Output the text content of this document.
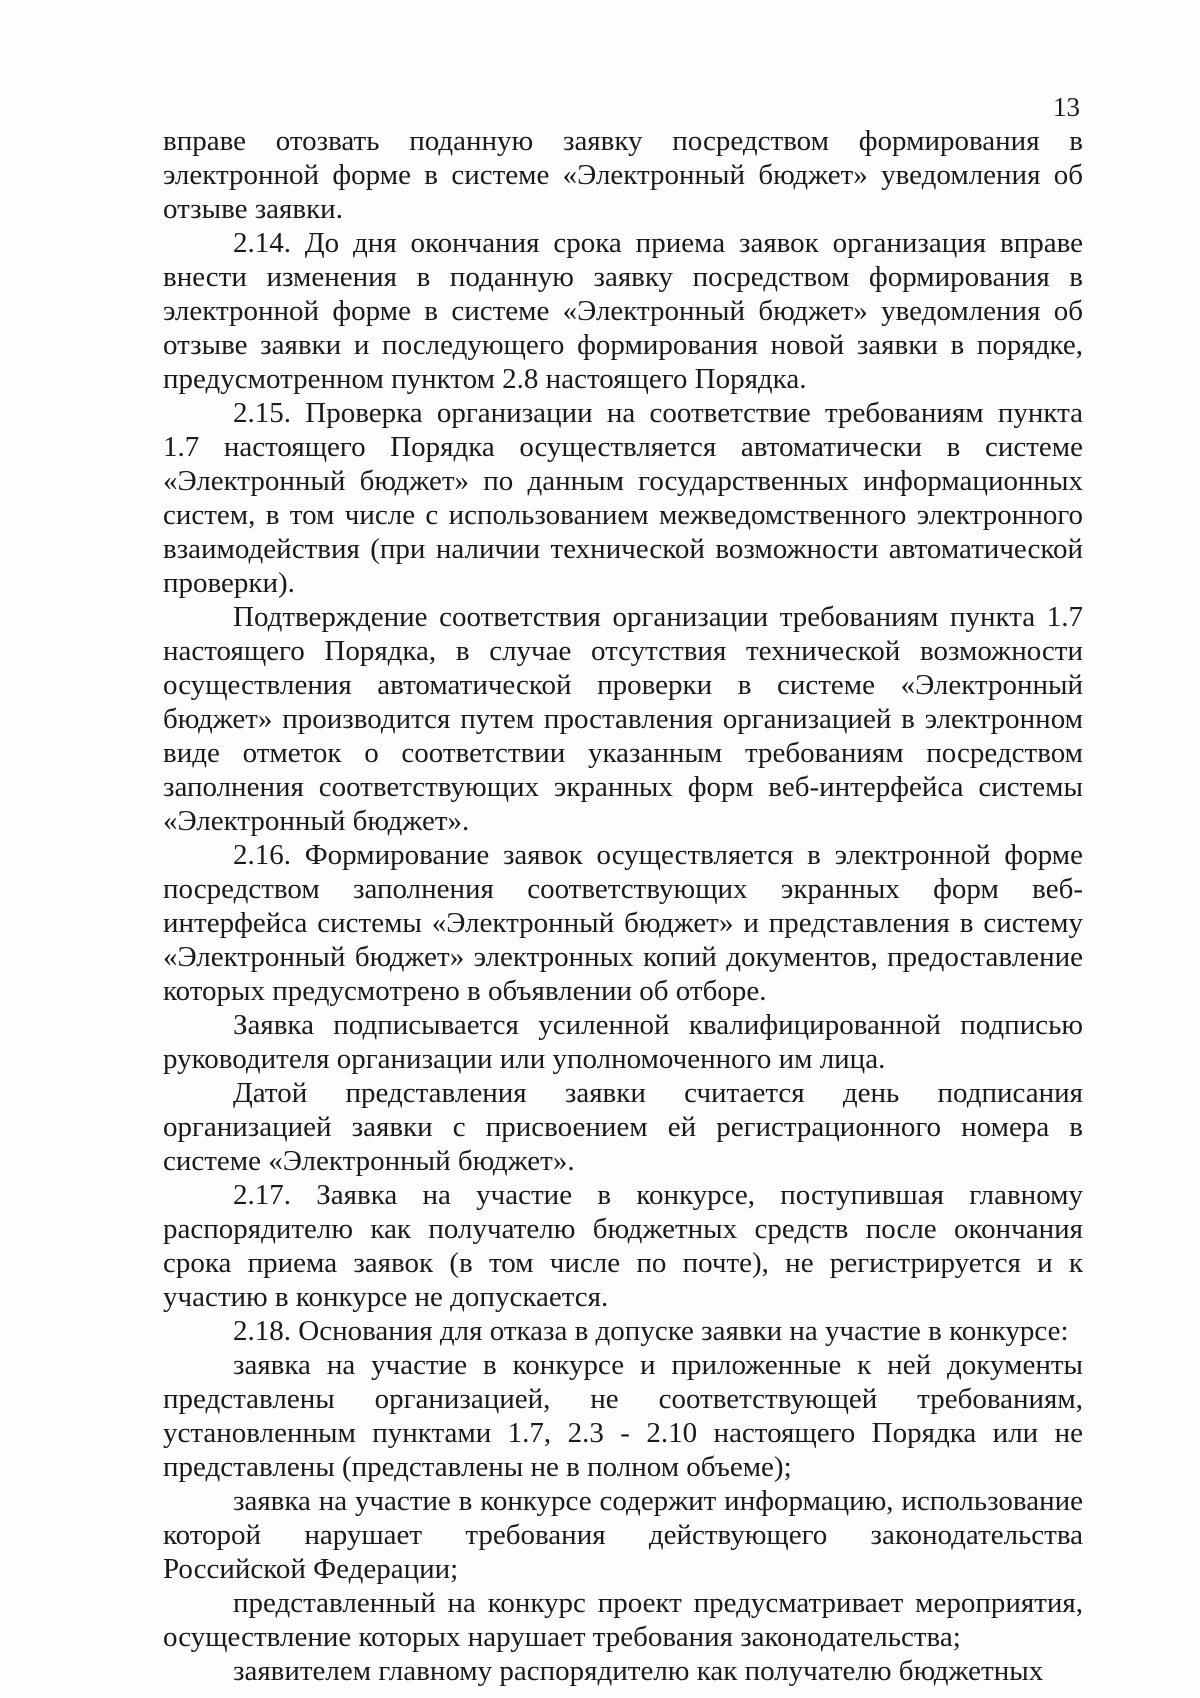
13

вправе отозвать поданную заявку посредством формирования в электронной форме в системе «Электронный бюджет» уведомления об отзыве заявки.

2.14. До дня окончания срока приема заявок организация вправе внести изменения в поданную заявку посредством формирования в электронной форме в системе «Электронный бюджет» уведомления об отзыве заявки и последующего формирования новой заявки в порядке, предусмотренном пунктом 2.8 настоящего Порядка.

2.15. Проверка организации на соответствие требованиям пункта 1.7 настоящего Порядка осуществляется автоматически в системе «Электронный бюджет» по данным государственных информационных систем, в том числе с использованием межведомственного электронного взаимодействия (при наличии технической возможности автоматической проверки).

Подтверждение соответствия организации требованиям пункта 1.7 настоящего Порядка, в случае отсутствия технической возможности осуществления автоматической проверки в системе «Электронный бюджет» производится путем проставления организацией в электронном виде отметок о соответствии указанным требованиям посредством заполнения соответствующих экранных форм веб-интерфейса системы «Электронный бюджет».

2.16. Формирование заявок осуществляется в электронной форме посредством заполнения соответствующих экранных форм веб-интерфейса системы «Электронный бюджет» и представления в систему «Электронный бюджет» электронных копий документов, предоставление которых предусмотрено в объявлении об отборе.

Заявка подписывается усиленной квалифицированной подписью руководителя организации или уполномоченного им лица.

Датой представления заявки считается день подписания организацией заявки с присвоением ей регистрационного номера в системе «Электронный бюджет».

2.17. Заявка на участие в конкурсе, поступившая главному распорядителю как получателю бюджетных средств после окончания срока приема заявок (в том числе по почте), не регистрируется и к участию в конкурсе не допускается.

2.18. Основания для отказа в допуске заявки на участие в конкурсе:

заявка на участие в конкурсе и приложенные к ней документы представлены организацией, не соответствующей требованиям, установленным пунктами 1.7, 2.3 - 2.10 настоящего Порядка или не представлены (представлены не в полном объеме);

заявка на участие в конкурсе содержит информацию, использование которой нарушает требования действующего законодательства Российской Федерации;

представленный на конкурс проект предусматривает мероприятия, осуществление которых нарушает требования законодательства;

заявителем главному распорядителю как получателю бюджетных
